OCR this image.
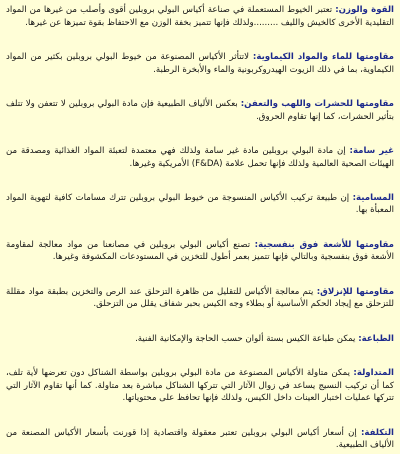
القوة والوزن: تعتبر الخيوط المستعملة في صناعة أكياس البولي بروبلين أقوى وأصلب من غيرها من المواد التقليدية الأخرى كالخيش والليف .........ولذلك فإنها تتميز بخفة الوزن مع الاحتفاظ بقوة تميزها عن غيرها.

مقاومتها للماء والمواد الكيماوية: لاتتأثر الأكياس المصنوعة من خيوط البولي بروبلين بكثير من المواد الكيماوية، بما في ذلك الزيوت الهيدروكربونية والماء والأبخرة الرطبة.

مقاومتها للحشرات واللهب والتعفن: بعكس الألياف الطبيعية فإن مادة البولي بروبلين لا تتعفن ولا تتلف بتأثير الحشرات، كما إنها تقاوم الحروق.

غير سامة: إن مادة البولي بروبلين مادة غير سامة ولذلك فهي معتمدة لتعبئة المواد الغذائية ومصدقة من الهيئات الصحية العالمية ولذلك فإنها تحمل علامة (F&DA) الأمريكية وغيرها.

المسامية: إن طبيعة تركيب الأكياس المنسوجة من خيوط البولي بروبلين تترك مسامات كافية لتهوية المواد المعبأة بها.

مقاومتها للأشعة فوق بنفسجية: تصنع أكياس البولي بروبلين في مصانعنا من مواد معالجة لمقاومة الأشعة فوق بنفسجية وبالتالي فإنها تتميز بعمر أطول للتخزين في المستودعات المكشوفة وغيرها.

مقاومتها للإنزلاق: يتم معالجة الأكياس للتقليل من ظاهرة التزحلق عند الرص والتخزين بطبقة مواد مقللة للتزحلق مع إيجاد الحكم الأساسية أو بطلاء وجه الكيس بحبر شفاف يقلل من التزحلق.

الطباعة: يمكن طباعة الكيس بستة ألوان حسب الحاجة والإمكانية الفنية.

المتداولة: يمكن متاولة الأكياس المصنوعة من مادة البولي بروبلين بواسطة الشناكل دون تعرضها لأية تلف، كما أن تركيب النسيج يساعد في زوال الآثار التي تتركها الشناكل مباشرة بعد متاولة. كما أنها تقاوم الآثار التي تتركها عمليات اختبار العينات داخل الكيس، ولذلك فإنها تحافظ على محتوياتها.

التكلفة: إن أسعار أكياس البولي بروبلين تعتبر معقولة واقتصادية إذا قورنت بأسعار الأكياس المصنعة من الألياف الطبيعية.
